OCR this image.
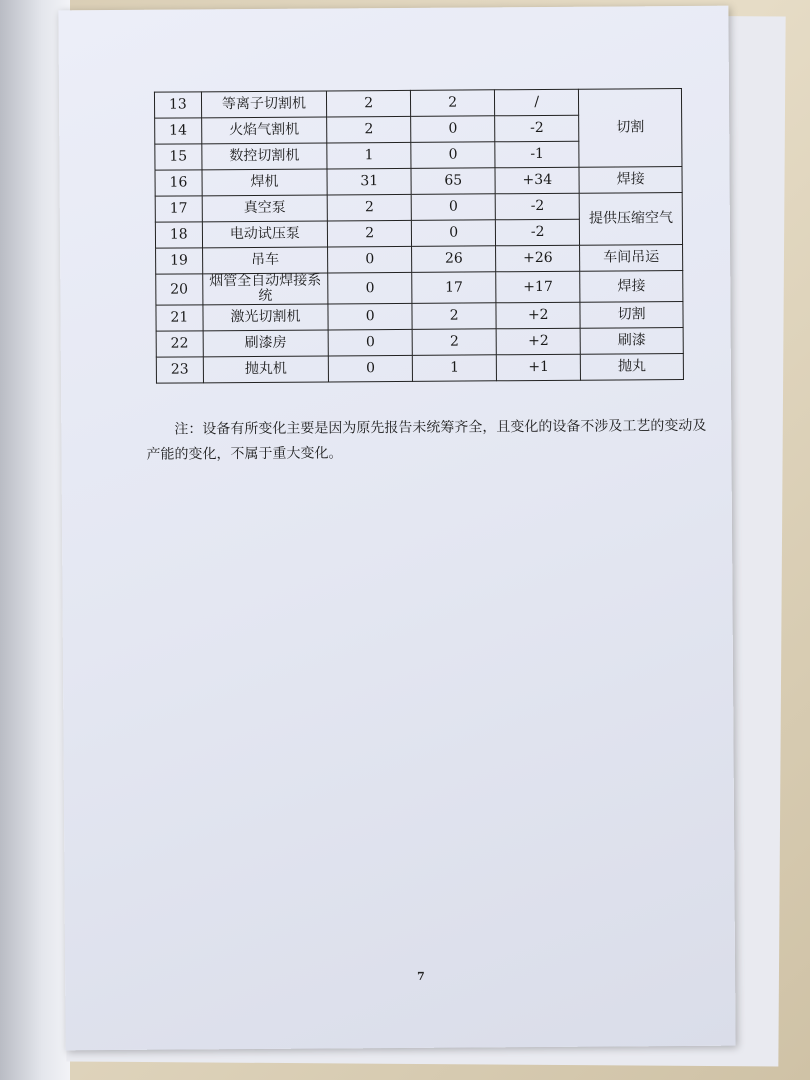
13	等离子切割机	2	2	/	切割
14	火焰气割机	2	0	-2	
15	数控切割机	1	0	-1	
16	焊机	31	65	+34	焊接
17	真空泵	2	0	-2	提供压缩空气
18	电动试压泵	2	0	-2	
19	吊车	0	26	+26	车间吊运
20	烟管全自动焊接系统	0	17	+17	焊接
21	激光切割机	0	2	+2	切割
22	刷漆房	0	2	+2	刷漆
23	抛丸机	0	1	+1	抛丸
注：设备有所变化主要是因为原先报告未统筹齐全，且变化的设备不涉及工艺的变动及产能的变化，不属于重大变化。
7
